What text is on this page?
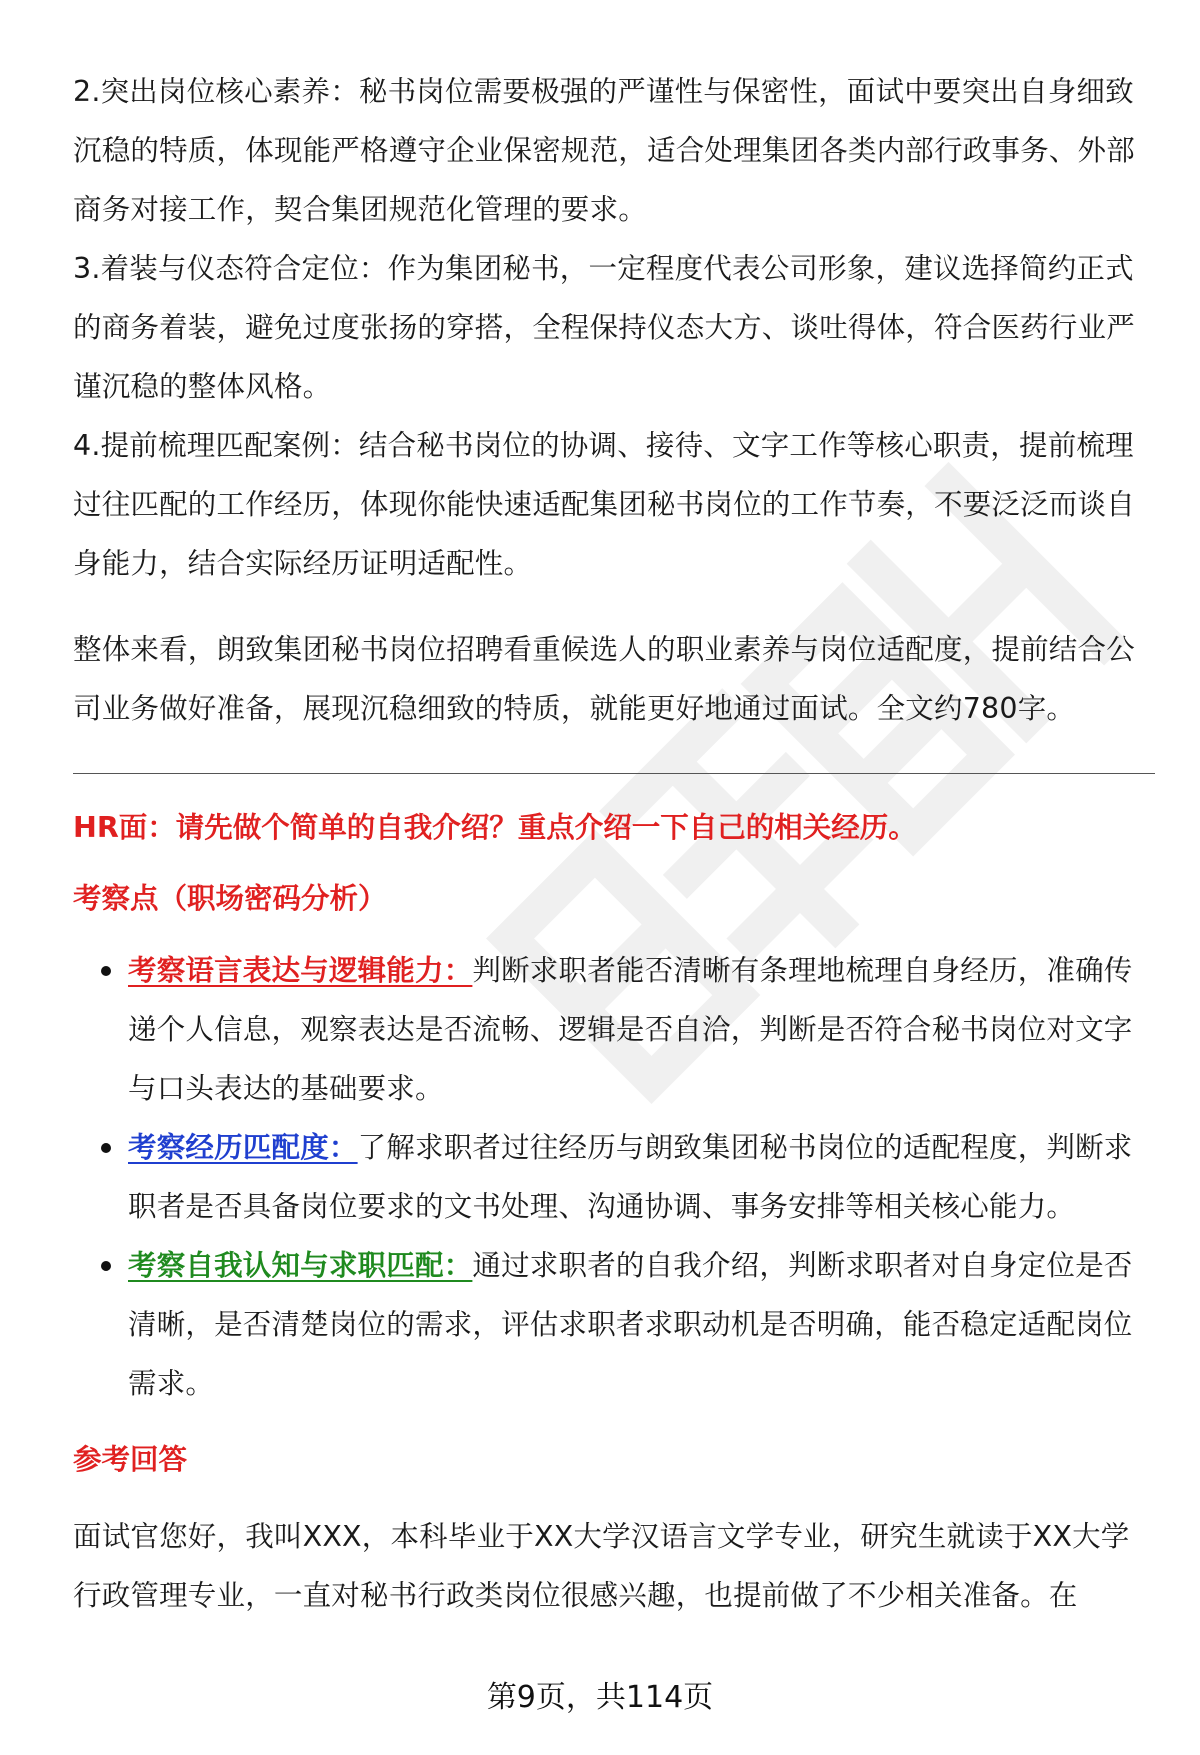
2.突出岗位核心素养：秘书岗位需要极强的严谨性与保密性，面试中要突出自身细致沉稳的特质，体现能严格遵守企业保密规范，适合处理集团各类内部行政事务、外部商务对接工作，契合集团规范化管理的要求。

3.着装与仪态符合定位：作为集团秘书，一定程度代表公司形象，建议选择简约正式的商务着装，避免过度张扬的穿搭，全程保持仪态大方、谈吐得体，符合医药行业严谨沉稳的整体风格。

4.提前梳理匹配案例：结合秘书岗位的协调、接待、文字工作等核心职责，提前梳理过往匹配的工作经历，体现你能快速适配集团秘书岗位的工作节奏，不要泛泛而谈自身能力，结合实际经历证明适配性。

整体来看，朗致集团秘书岗位招聘看重候选人的职业素养与岗位适配度，提前结合公司业务做好准备，展现沉稳细致的特质，就能更好地通过面试。全文约780字。

HR面：请先做个简单的自我介绍？重点介绍一下自己的相关经历。

考察点（职场密码分析）

考察语言表达与逻辑能力：判断求职者能否清晰有条理地梳理自身经历，准确传递个人信息，观察表达是否流畅、逻辑是否自洽，判断是否符合秘书岗位对文字与口头表达的基础要求。
考察经历匹配度：了解求职者过往经历与朗致集团秘书岗位的适配程度，判断求职者是否具备岗位要求的文书处理、沟通协调、事务安排等相关核心能力。
考察自我认知与求职匹配：通过求职者的自我介绍，判断求职者对自身定位是否清晰，是否清楚岗位的需求，评估求职者求职动机是否明确，能否稳定适配岗位需求。

参考回答

面试官您好，我叫XXX，本科毕业于XX大学汉语言文学专业，研究生就读于XX大学行政管理专业，一直对秘书行政类岗位很感兴趣，也提前做了不少相关准备。在

第9页，共114页
